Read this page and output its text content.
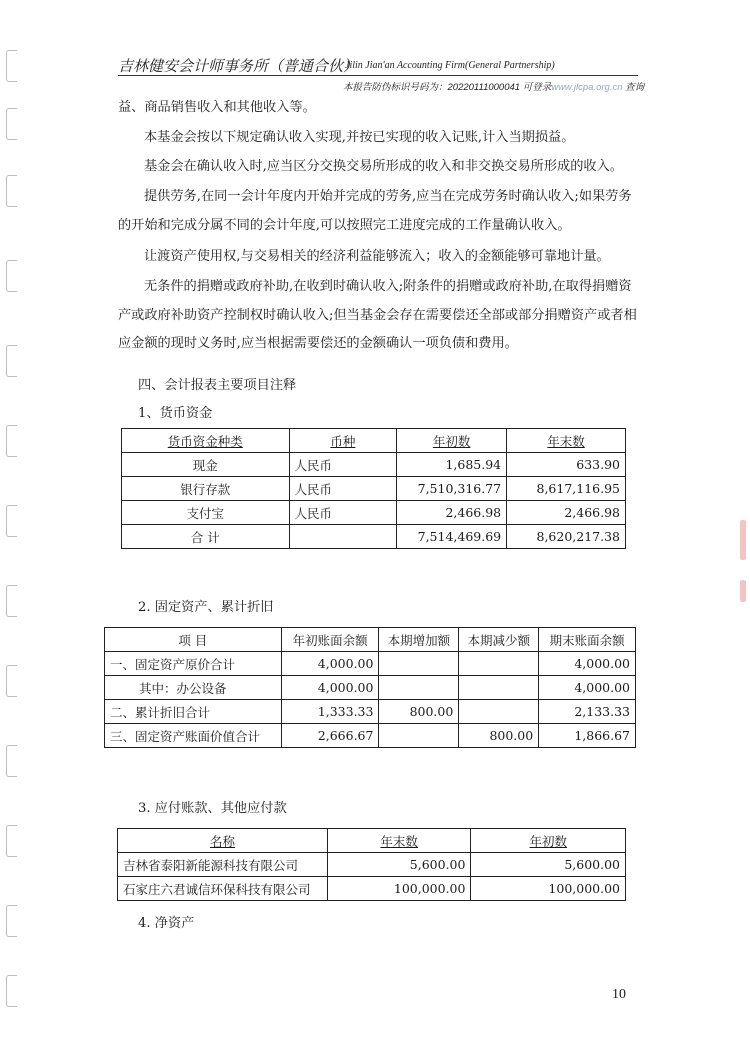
吉林健安会计师事务所（普通合伙）
Jilin Jian'an Accounting Firm(General Partnership)
本报告防伪标识号码为：20220111000041 可登录www.jlcpa.org.cn 查询
益、商品销售收入和其他收入等。
本基金会按以下规定确认收入实现,并按已实现的收入记账,计入当期损益。
基金会在确认收入时,应当区分交换交易所形成的收入和非交换交易所形成的收入。
提供劳务,在同一会计年度内开始并完成的劳务,应当在完成劳务时确认收入;如果劳务
的开始和完成分属不同的会计年度,可以按照完工进度完成的工作量确认收入。
让渡资产使用权,与交易相关的经济利益能够流入；收入的金额能够可靠地计量。
无条件的捐赠或政府补助,在收到时确认收入;附条件的捐赠或政府补助,在取得捐赠资
产或政府补助资产控制权时确认收入;但当基金会存在需要偿还全部或部分捐赠资产或者相
应金额的现时义务时,应当根据需要偿还的金额确认一项负债和费用。
四、会计报表主要项目注释
1、货币资金
货币资金种类	币种	年初数	年末数
现金	人民币	1,685.94	633.90
银行存款	人民币	7,510,316.77	8,617,116.95
支付宝	人民币	2,466.98	2,466.98
合 计		7,514,469.69	8,620,217.38
2. 固定资产、累计折旧
项 目	年初账面余额	本期增加额	本期减少额	期末账面余额
一、固定资产原价合计	4,000.00			4,000.00
其中：办公设备	4,000.00			4,000.00
二、累计折旧合计	1,333.33	800.00		2,133.33
三、固定资产账面价值合计	2,666.67		800.00	1,866.67
3. 应付账款、其他应付款
名称	年末数	年初数
吉林省泰阳新能源科技有限公司	5,600.00	5,600.00
石家庄六君诚信环保科技有限公司	100,000.00	100,000.00
4. 净资产
10
